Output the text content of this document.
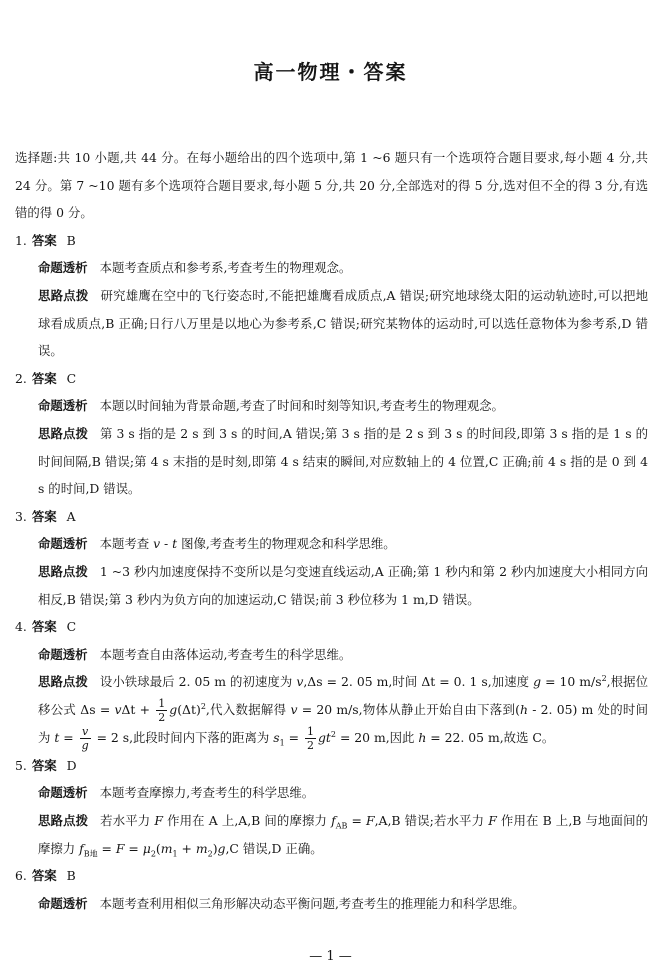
高一物理・答案

选择题:共 10 小题,共 44 分。在每小题给出的四个选项中,第 1 ~6 题只有一个选项符合题目要求,每小题 4 分,共 24 分。第 7 ~10 题有多个选项符合题目要求,每小题 5 分,共 20 分,全部选对的得 5 分,选对但不全的得 3 分,有选错的得 0 分。

1. 答案 B

命题透析 本题考查质点和参考系,考查考生的物理观念。

思路点拨 研究雄鹰在空中的飞行姿态时,不能把雄鹰看成质点,A 错误;研究地球绕太阳的运动轨迹时,可以把地球看成质点,B 正确;日行八万里是以地心为参考系,C 错误;研究某物体的运动时,可以选任意物体为参考系,D 错误。

2. 答案 C

命题透析 本题以时间轴为背景命题,考查了时间和时刻等知识,考查考生的物理观念。

思路点拨 第 3 s 指的是 2 s 到 3 s 的时间,A 错误;第 3 s 指的是 2 s 到 3 s 的时间段,即第 3 s 指的是 1 s 的时间间隔,B 错误;第 4 s 末指的是时刻,即第 4 s 结束的瞬间,对应数轴上的 4 位置,C 正确;前 4 s 指的是 0 到 4 s 的时间,D 错误。

3. 答案 A

命题透析 本题考查 v - t 图像,考查考生的物理观念和科学思维。

思路点拨 1 ~3 秒内加速度保持不变所以是匀变速直线运动,A 正确;第 1 秒内和第 2 秒内加速度大小相同方向相反,B 错误;第 3 秒内为负方向的加速运动,C 错误;前 3 秒位移为 1 m,D 错误。

4. 答案 C

命题透析 本题考查自由落体运动,考查考生的科学思维。

思路点拨 设小铁球最后 2. 05 m 的初速度为 v,Δs = 2. 05 m,时间 Δt = 0. 1 s,加速度 g = 10 $m/s^2$,根据位移公式 $\Delta s = v\Delta t + \frac{1}{2} g(\Delta t)^2$,代入数据解得 v = 20 m/s,物体从静止开始自由下落到(h - 2. 05) m 处的时间为 $t = \frac{v}{g} = 2$ s,此段时间内下落的距离为 $s_1 = \frac{1}{2} gt^2 = 20$ m,因此 h = 22. 05 m,故选 C。

5. 答案 D

命题透析 本题考查摩擦力,考查考生的科学思维。

思路点拨 若水平力 F 作用在 A 上,A,B 间的摩擦力 $f_{AB} = F,A,B$ 错误;若水平力 F 作用在 B 上,B 与地面间的摩擦力 $f_{B地} = F = \mu_2(m_1 + m_2)g,C$ 错误,D 正确。

6. 答案 B

命题透析 本题考查利用相似三角形解决动态平衡问题,考查考生的推理能力和科学思维。

— 1 —
